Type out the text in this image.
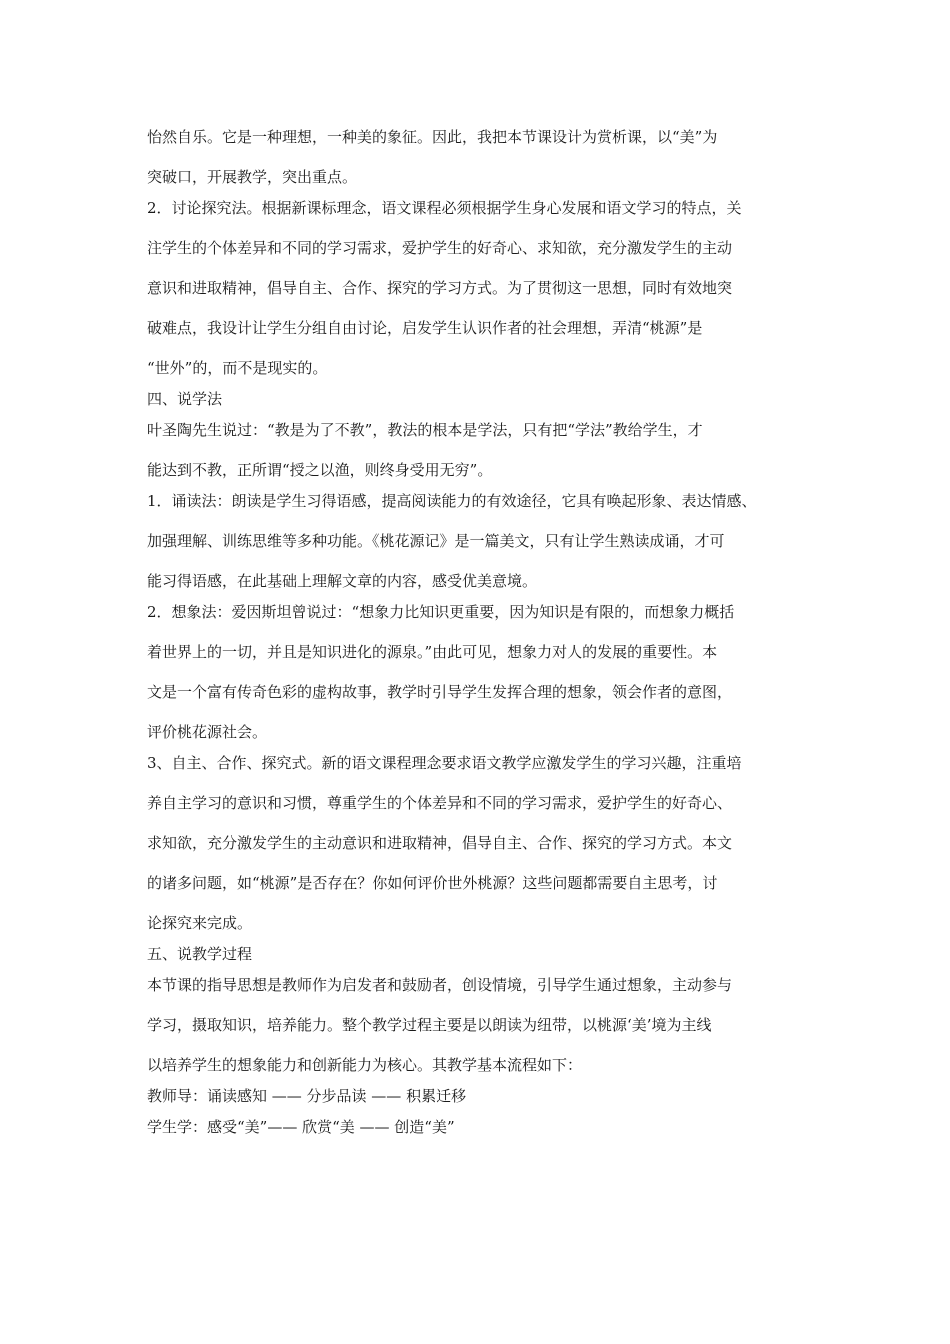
怡然自乐。它是一种理想，一种美的象征。因此，我把本节课设计为赏析课，以“美”为
突破口，开展教学，突出重点。
2．讨论探究法。根据新课标理念，语文课程必须根据学生身心发展和语文学习的特点，关
注学生的个体差异和不同的学习需求，爱护学生的好奇心、求知欲，充分激发学生的主动
意识和进取精神，倡导自主、合作、探究的学习方式。为了贯彻这一思想，同时有效地突
破难点，我设计让学生分组自由讨论，启发学生认识作者的社会理想，弄清“桃源”是
“世外”的，而不是现实的。
四、说学法
叶圣陶先生说过：“教是为了不教”，教法的根本是学法，只有把“学法”教给学生，才
能达到不教，正所谓“授之以渔，则终身受用无穷”。
1．诵读法：朗读是学生习得语感，提高阅读能力的有效途径，它具有唤起形象、表达情感、
加强理解、训练思维等多种功能。《桃花源记》是一篇美文，只有让学生熟读成诵，才可
能习得语感，在此基础上理解文章的内容，感受优美意境。
2．想象法：爱因斯坦曾说过：“想象力比知识更重要，因为知识是有限的，而想象力概括
着世界上的一切，并且是知识进化的源泉。”由此可见，想象力对人的发展的重要性。本
文是一个富有传奇色彩的虚构故事，教学时引导学生发挥合理的想象，领会作者的意图，
评价桃花源社会。
3、自主、合作、探究式。新的语文课程理念要求语文教学应激发学生的学习兴趣，注重培
养自主学习的意识和习惯，尊重学生的个体差异和不同的学习需求，爱护学生的好奇心、
求知欲，充分激发学生的主动意识和进取精神，倡导自主、合作、探究的学习方式。本文
的诸多问题，如“桃源”是否存在？你如何评价世外桃源？这些问题都需要自主思考，讨
论探究来完成。
五、说教学过程
本节课的指导思想是教师作为启发者和鼓励者，创设情境，引导学生通过想象，主动参与
学习，摄取知识，培养能力。整个教学过程主要是以朗读为纽带，以桃源‘美’境为主线
以培养学生的想象能力和创新能力为核心。其教学基本流程如下：
教师导：诵读感知 —— 分步品读 —— 积累迁移
学生学：感受“美”—— 欣赏“美 —— 创造“美”
